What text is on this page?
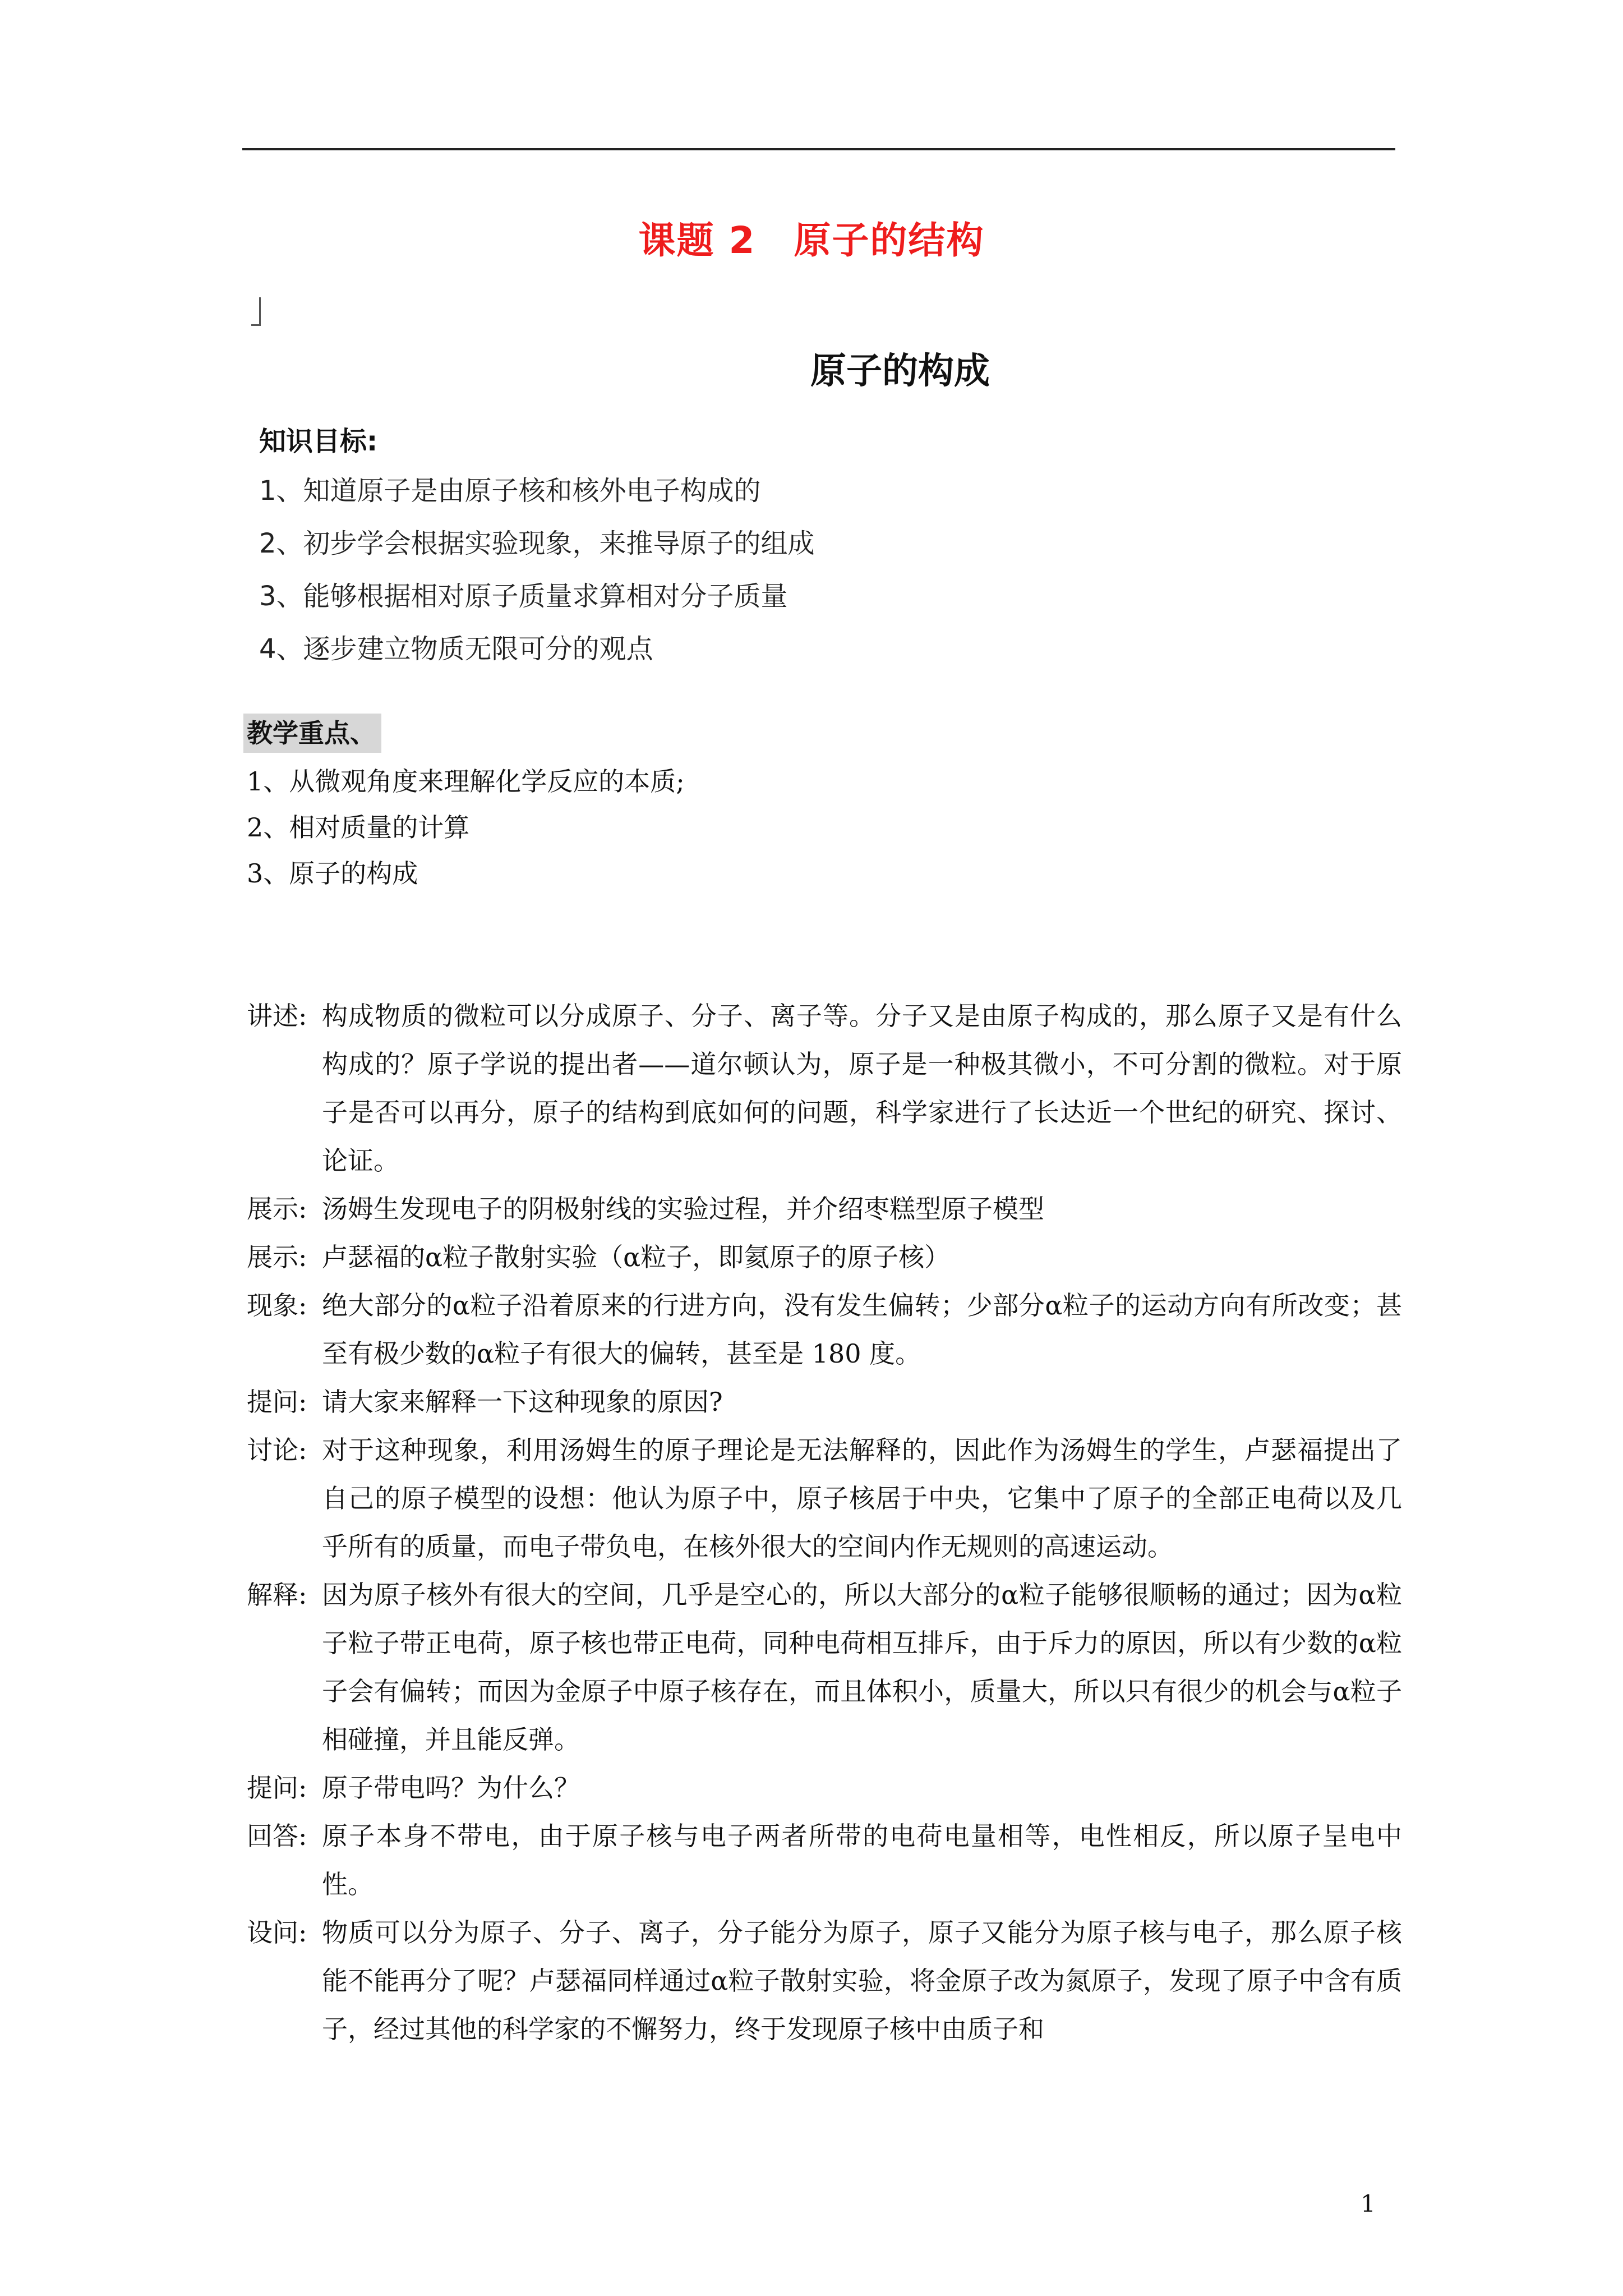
课题 2　原子的结构
原子的构成
知识目标:
1、知道原子是由原子核和核外电子构成的
2、初步学会根据实验现象，来推导原子的组成
3、能够根据相对原子质量求算相对分子质量
4、逐步建立物质无限可分的观点
教学重点、
1、从微观角度来理解化学反应的本质;
2、相对质量的计算
3、原子的构成
讲述: 构成物质的微粒可以分成原子、分子、离子等。分子又是由原子构成的，那么原子又是有什么构成的？原子学说的提出者——道尔顿认为，原子是一种极其微小，不可分割的微粒。对于原子是否可以再分，原子的结构到底如何的问题，科学家进行了长达近一个世纪的研究、探讨、论证。
展示: 汤姆生发现电子的阴极射线的实验过程，并介绍枣糕型原子模型
展示: 卢瑟福的α粒子散射实验（α粒子，即氦原子的原子核）
现象: 绝大部分的α粒子沿着原来的行进方向，没有发生偏转；少部分α粒子的运动方向有所改变；甚至有极少数的α粒子有很大的偏转，甚至是 180 度。
提问: 请大家来解释一下这种现象的原因?
讨论: 对于这种现象，利用汤姆生的原子理论是无法解释的，因此作为汤姆生的学生，卢瑟福提出了自己的原子模型的设想：他认为原子中，原子核居于中央，它集中了原子的全部正电荷以及几乎所有的质量，而电子带负电，在核外很大的空间内作无规则的高速运动。
解释: 因为原子核外有很大的空间，几乎是空心的，所以大部分的α粒子能够很顺畅的通过；因为α粒子粒子带正电荷，原子核也带正电荷，同种电荷相互排斥，由于斥力的原因，所以有少数的α粒子会有偏转；而因为金原子中原子核存在，而且体积小，质量大，所以只有很少的机会与α粒子相碰撞，并且能反弹。
提问: 原子带电吗？为什么？
回答: 原子本身不带电，由于原子核与电子两者所带的电荷电量相等，电性相反，所以原子呈电中性。
设问: 物质可以分为原子、分子、离子，分子能分为原子，原子又能分为原子核与电子，那么原子核能不能再分了呢？卢瑟福同样通过α粒子散射实验，将金原子改为氮原子，发现了原子中含有质子，经过其他的科学家的不懈努力，终于发现原子核中由质子和
1
